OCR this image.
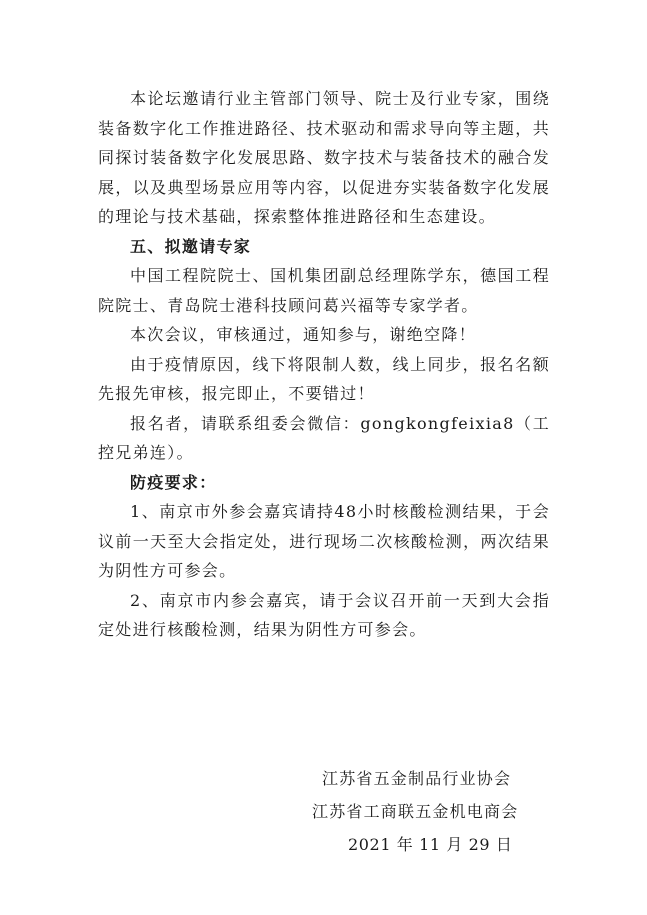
本论坛邀请行业主管部门领导、院士及行业专家，围绕装备数字化工作推进路径、技术驱动和需求导向等主题，共同探讨装备数字化发展思路、数字技术与装备技术的融合发展，以及典型场景应用等内容，以促进夯实装备数字化发展的理论与技术基础，探索整体推进路径和生态建设。

五、拟邀请专家

中国工程院院士、国机集团副总经理陈学东，德国工程院院士、青岛院士港科技顾问葛兴福等专家学者。

本次会议，审核通过，通知参与，谢绝空降！

由于疫情原因，线下将限制人数，线上同步，报名名额先报先审核，报完即止，不要错过！

报名者，请联系组委会微信：gongkongfeixia8（工控兄弟连）。

防疫要求：

1、南京市外参会嘉宾请持48小时核酸检测结果，于会议前一天至大会指定处，进行现场二次核酸检测，两次结果为阴性方可参会。

2、南京市内参会嘉宾，请于会议召开前一天到大会指定处进行核酸检测，结果为阴性方可参会。

江苏省五金制品行业协会
江苏省工商联五金机电商会
2021 年 11 月 29 日
